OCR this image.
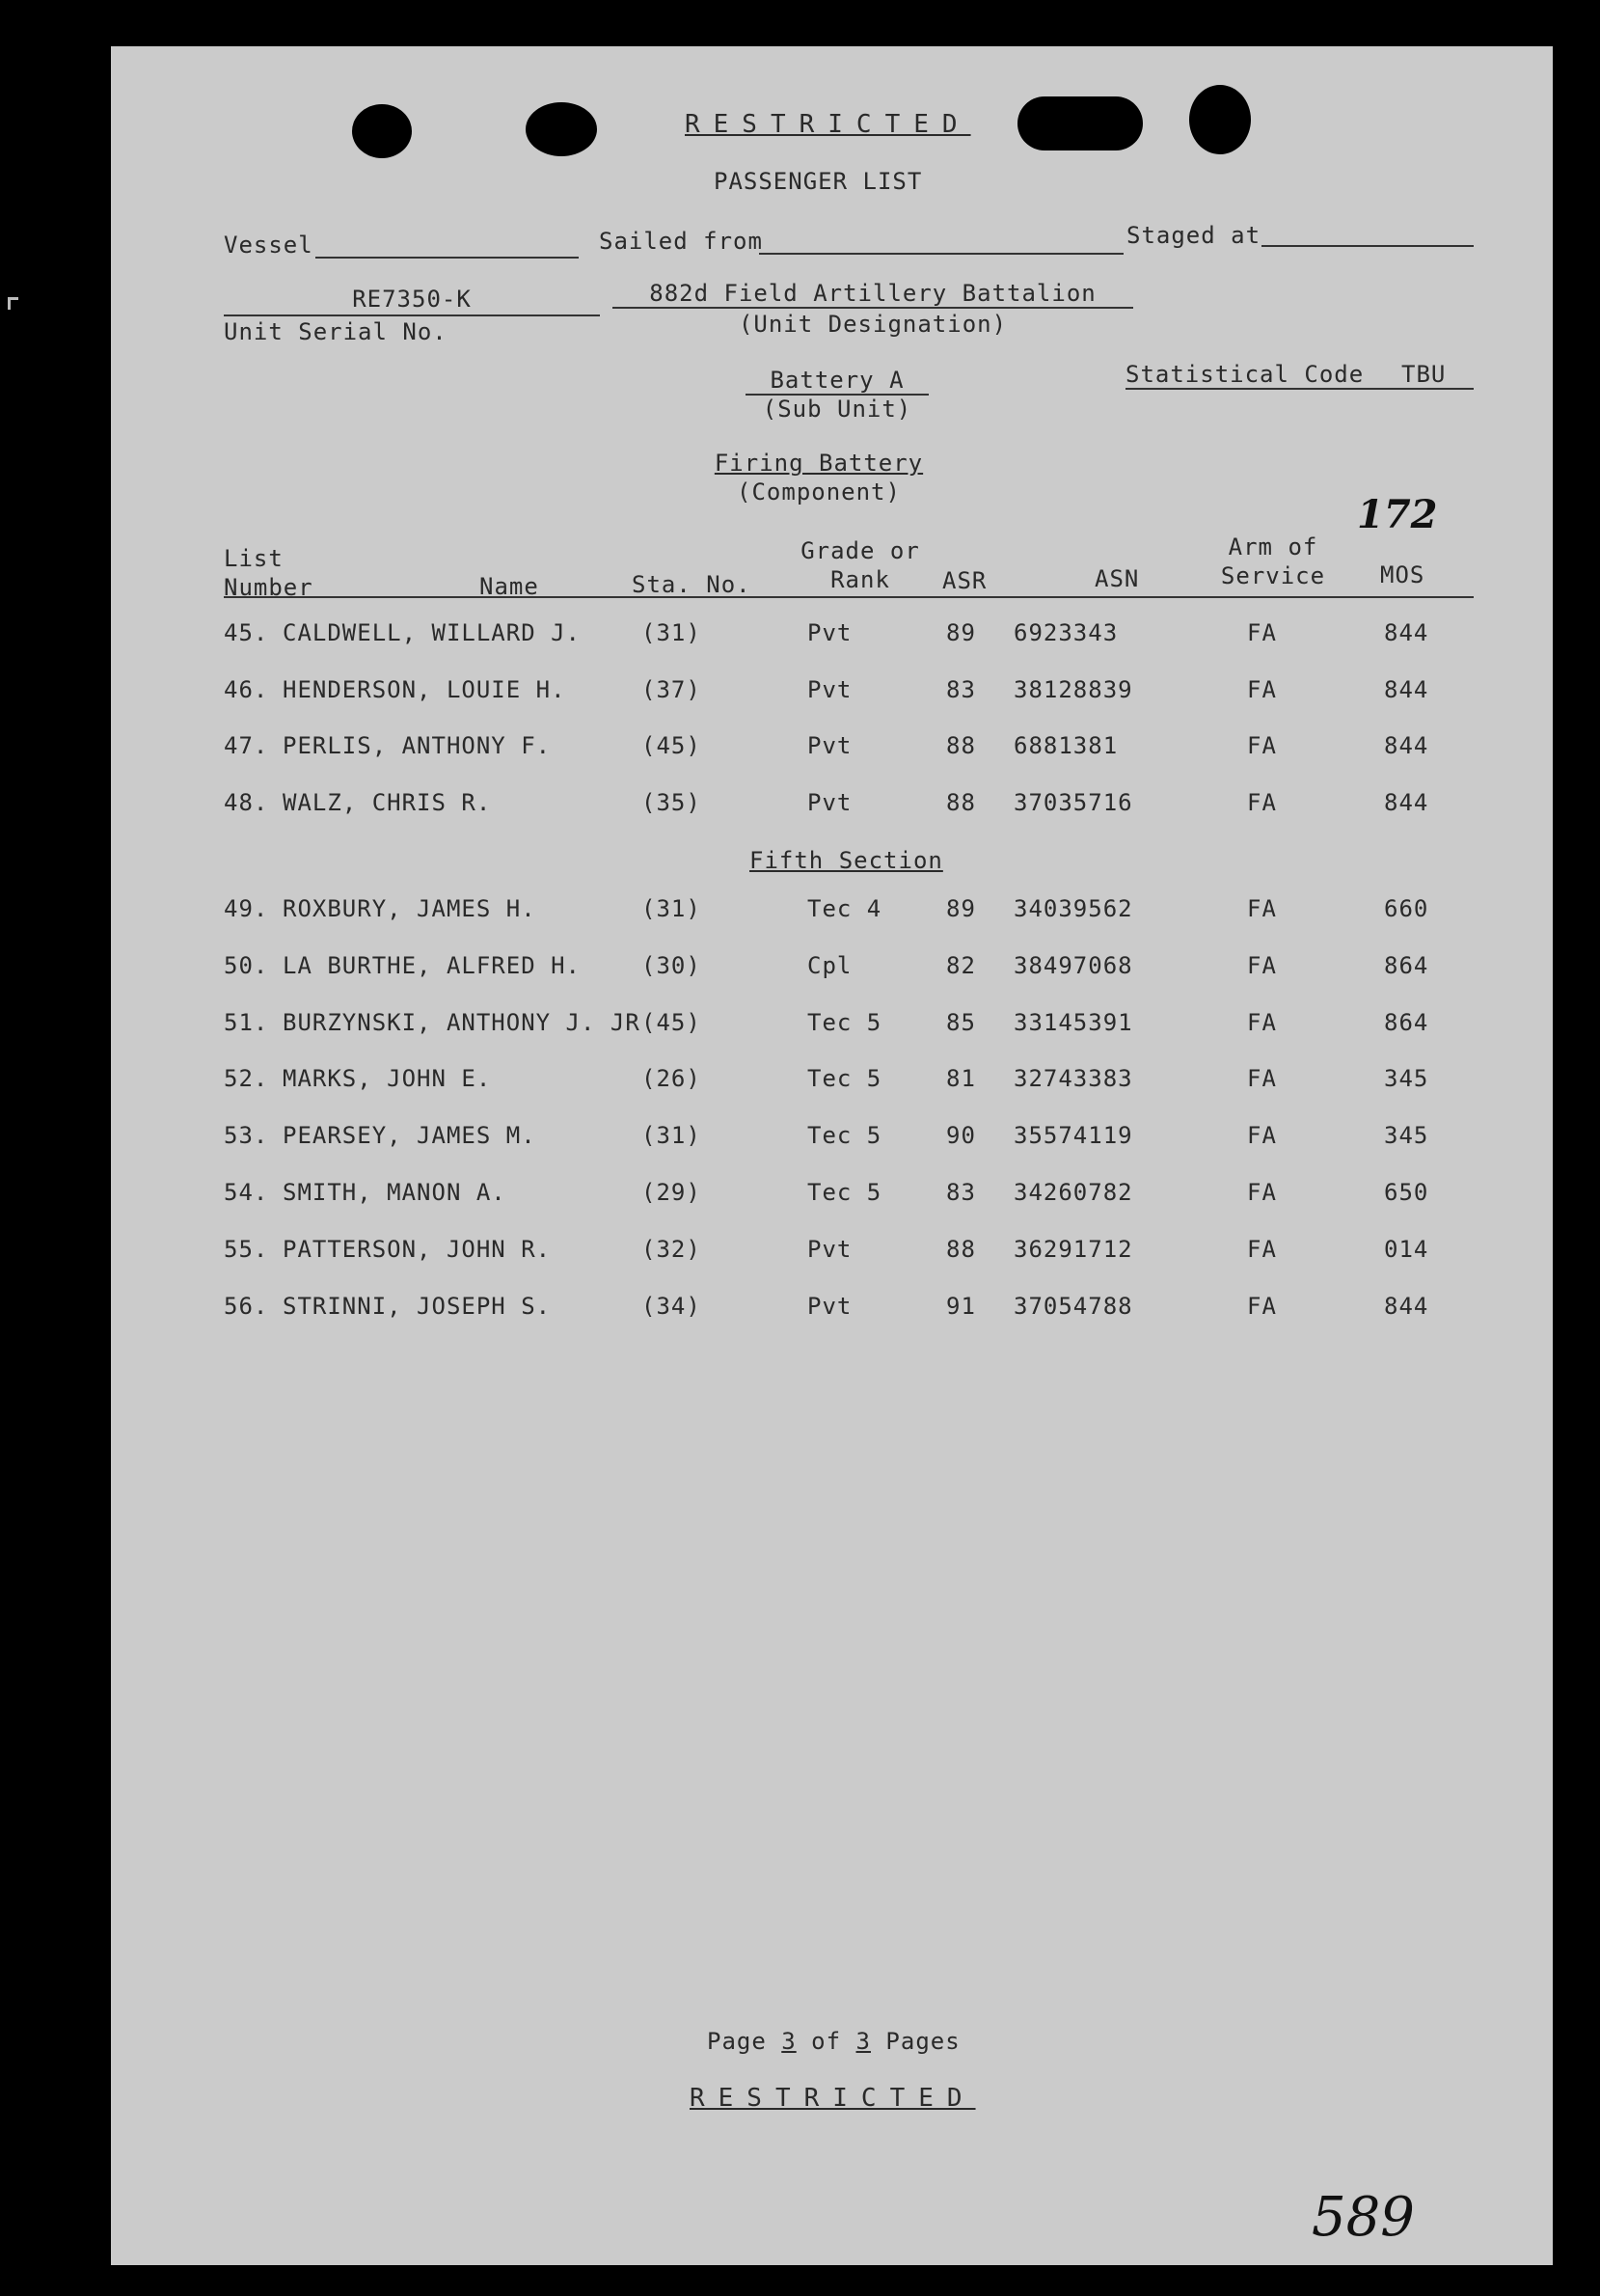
RESTRICTED
PASSENGER LIST
Vessel	Sailed from	Staged at
RE7350-K
Unit Serial No.
882d Field Artillery Battalion
(Unit Designation)
Battery A
(Sub Unit)
Statistical Code TBU
Firing Battery
(Component)	172
List
Number	Name	Sta. No.
Grade or
Rank	ASR	ASN
Arm of
Service	MOS
45. CALDWELL, WILLARD J.	(31)	Pvt	89 6923343	FA	844
46. HENDERSON, LOUIE H.	(37)	Pvt	83 38128839	FA	844
47. PERLIS, ANTHONY F.	(45)	Pvt	88 6881381	FA	844
48. WALZ, CHRIS R.	(35)	Pvt	88 37035716	FA	844
Fifth Section
49. ROXBURY, JAMES H.	(31)	Tec 4	89 34039562	FA	660
50. LA BURTHE, ALFRED H.	(30)	Cpl	82 38497068	FA	864
51. BURZYNSKI, ANTHONY J. JR (45)	Tec 5	85 33145391	FA	864
52. MARKS, JOHN E.	(26)	Tec 5	81 32743383	FA	345
53. PEARSEY, JAMES M.	(31)	Tec 5	90 35574119	FA	345
54. SMITH, MANON A.	(29)	Tec 5	83 34260782	FA	650
55. PATTERSON, JOHN R.	(32)	Pvt	88 36291712	FA	014
56. STRINNI, JOSEPH S.	(34)	Pvt	91 37054788	FA	844
Page 3 of 3 Pages
RESTRICTED
589
